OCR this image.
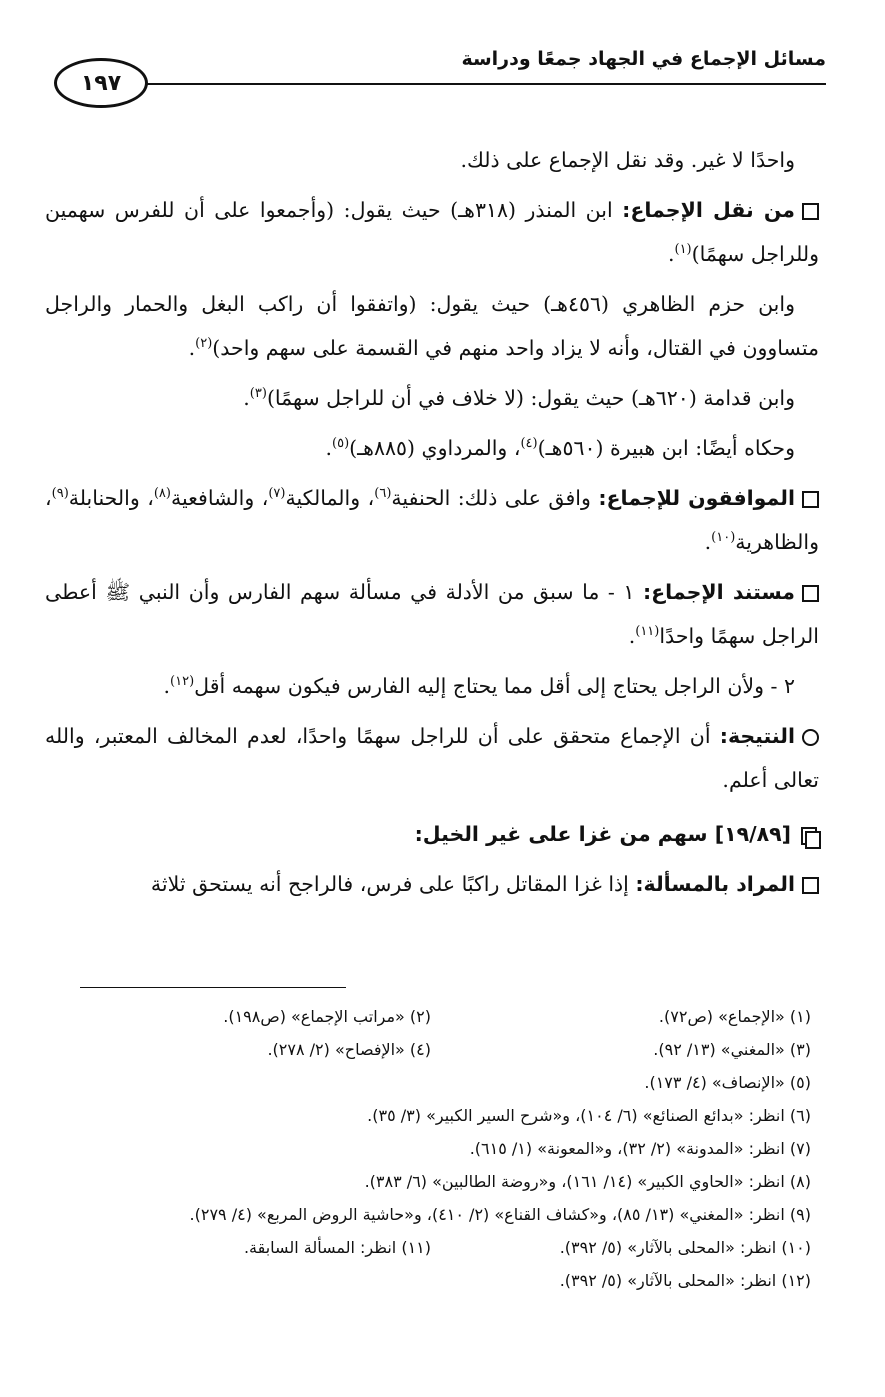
مسائل الإجماع في الجهاد جمعًا ودراسة
١٩٧

واحدًا لا غير. وقد نقل الإجماع على ذلك.

من نقل الإجماع: ابن المنذر (٣١٨هـ) حيث يقول: (وأجمعوا على أن للفرس سهمين وللراجل سهمًا)$^{(١)}$.

وابن حزم الظاهري (٤٥٦هـ) حيث يقول: (واتفقوا أن راكب البغل والحمار والراجل متساوون في القتال، وأنه لا يزاد واحد منهم في القسمة على سهم واحد)$^{(٢)}$.

وابن قدامة (٦٢٠هـ) حيث يقول: (لا خلاف في أن للراجل سهمًا)$^{(٣)}$.

وحكاه أيضًا: ابن هبيرة (٥٦٠هـ)$^{(٤)}$، والمرداوي (٨٨٥هـ)$^{(٥)}$.

الموافقون للإجماع: وافق على ذلك: الحنفية$^{(٦)}$، والمالكية$^{(٧)}$، والشافعية$^{(٨)}$، والحنابلة$^{(٩)}$، والظاهرية$^{(١٠)}$.

مستند الإجماع: ١ - ما سبق من الأدلة في مسألة سهم الفارس وأن النبي ﷺ أعطى الراجل سهمًا واحدًا$^{(١١)}$.

٢ - ولأن الراجل يحتاج إلى أقل مما يحتاج إليه الفارس فيكون سهمه أقل$^{(١٢)}$.

النتيجة: أن الإجماع متحقق على أن للراجل سهمًا واحدًا، لعدم المخالف المعتبر، والله تعالى أعلم.

[١٩/٨٩] سهم من غزا على غير الخيل:

المراد بالمسألة: إذا غزا المقاتل راكبًا على فرس، فالراجح أنه يستحق ثلاثة

(١) «الإجماع» (ص٧٢).
(٢) «مراتب الإجماع» (ص١٩٨).
(٣) «المغني» (١٣/ ٩٢).
(٤) «الإفصاح» (٢/ ٢٧٨).
(٥) «الإنصاف» (٤/ ١٧٣).
(٦) انظر: «بدائع الصنائع» (٦/ ١٠٤)، و«شرح السير الكبير» (٣/ ٣٥).
(٧) انظر: «المدونة» (٢/ ٣٢)، و«المعونة» (١/ ٦١٥).
(٨) انظر: «الحاوي الكبير» (١٤/ ١٦١)، و«روضة الطالبين» (٦/ ٣٨٣).
(٩) انظر: «المغني» (١٣/ ٨٥)، و«كشاف القناع» (٢/ ٤١٠)، و«حاشية الروض المربع» (٤/ ٢٧٩).
(١٠) انظر: «المحلى بالآثار» (٥/ ٣٩٢).
(١١) انظر: المسألة السابقة.
(١٢) انظر: «المحلى بالآثار» (٥/ ٣٩٢).
